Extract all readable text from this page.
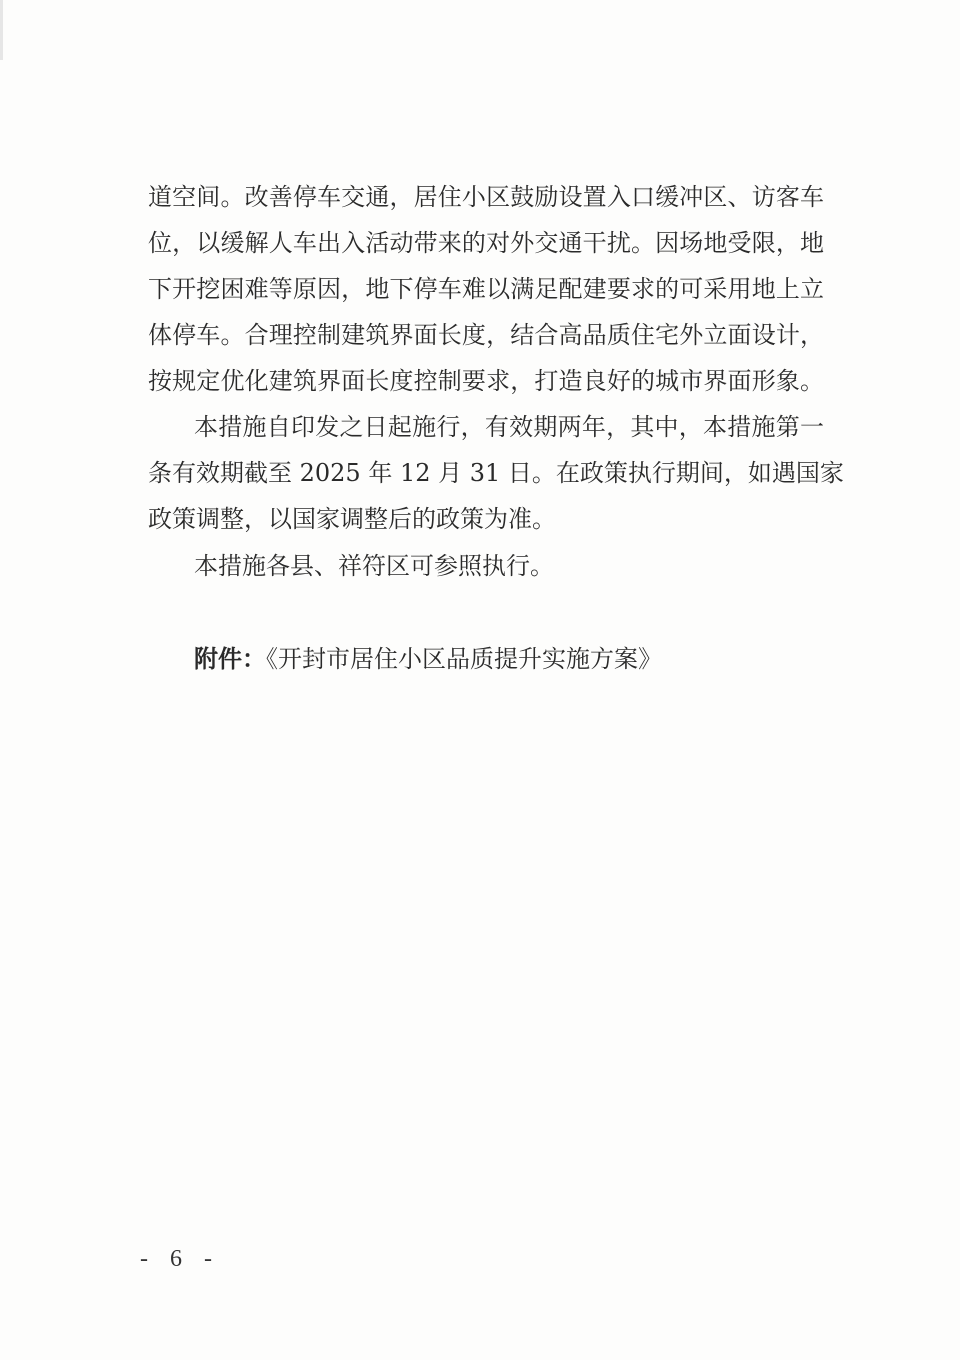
道空间。改善停车交通，居住小区鼓励设置入口缓冲区、访客车
位，以缓解人车出入活动带来的对外交通干扰。因场地受限，地
下开挖困难等原因，地下停车难以满足配建要求的可采用地上立
体停车。合理控制建筑界面长度，结合高品质住宅外立面设计，
按规定优化建筑界面长度控制要求，打造良好的城市界面形象。
本措施自印发之日起施行，有效期两年，其中，本措施第一
条有效期截至 2025 年 12 月 31 日。在政策执行期间，如遇国家
政策调整，以国家调整后的政策为准。
本措施各县、祥符区可参照执行。
附件：《开封市居住小区品质提升实施方案》
- 6 -
